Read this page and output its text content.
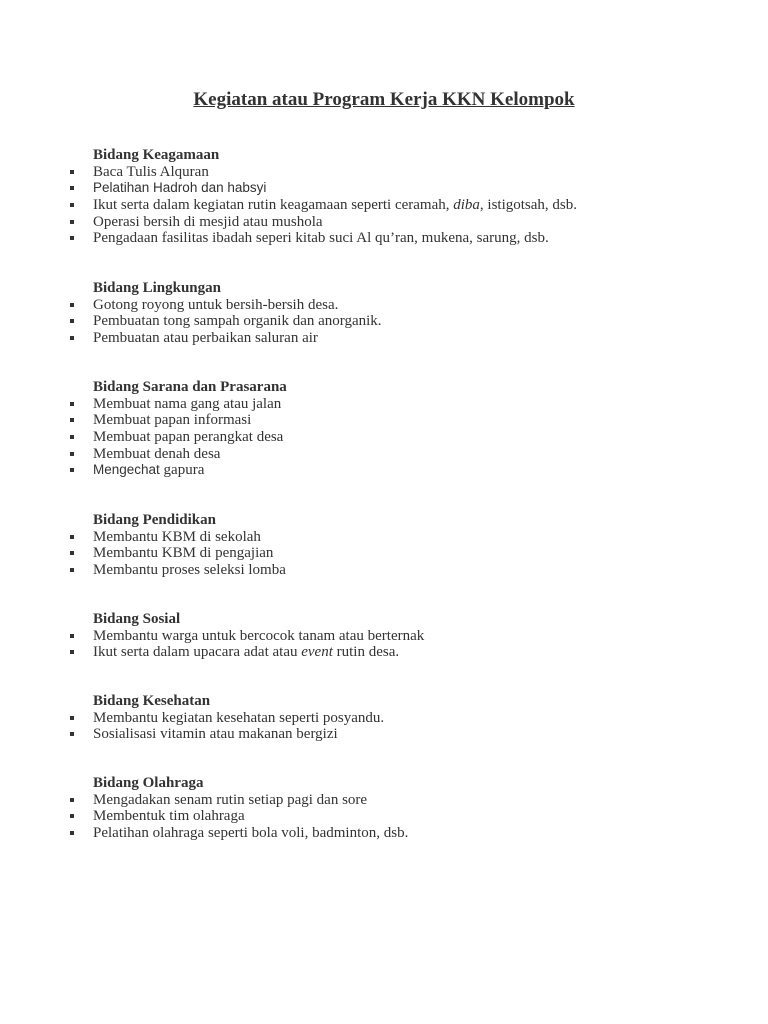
Kegiatan atau Program Kerja KKN Kelompok

Bidang Keagamaan

Baca Tulis Alquran
Pelatihan Hadroh dan habsyi
Ikut serta dalam kegiatan rutin keagamaan seperti ceramah, diba, istigotsah, dsb.
Operasi bersih di mesjid atau mushola
Pengadaan fasilitas ibadah seperi kitab suci Al qu’ran, mukena, sarung, dsb.

Bidang Lingkungan

Gotong royong untuk bersih-bersih desa.
Pembuatan tong sampah organik dan anorganik.
Pembuatan atau perbaikan saluran air

Bidang Sarana dan Prasarana

Membuat nama gang atau jalan
Membuat papan informasi
Membuat papan perangkat desa
Membuat denah desa
Mengechat gapura

Bidang Pendidikan

Membantu KBM di sekolah
Membantu KBM di pengajian
Membantu proses seleksi lomba

Bidang Sosial

Membantu warga untuk bercocok tanam atau berternak
Ikut serta dalam upacara adat atau event rutin desa.

Bidang Kesehatan

Membantu kegiatan kesehatan seperti posyandu.
Sosialisasi vitamin atau makanan bergizi

Bidang Olahraga

Mengadakan senam rutin setiap pagi dan sore
Membentuk tim olahraga
Pelatihan olahraga seperti bola voli, badminton, dsb.
